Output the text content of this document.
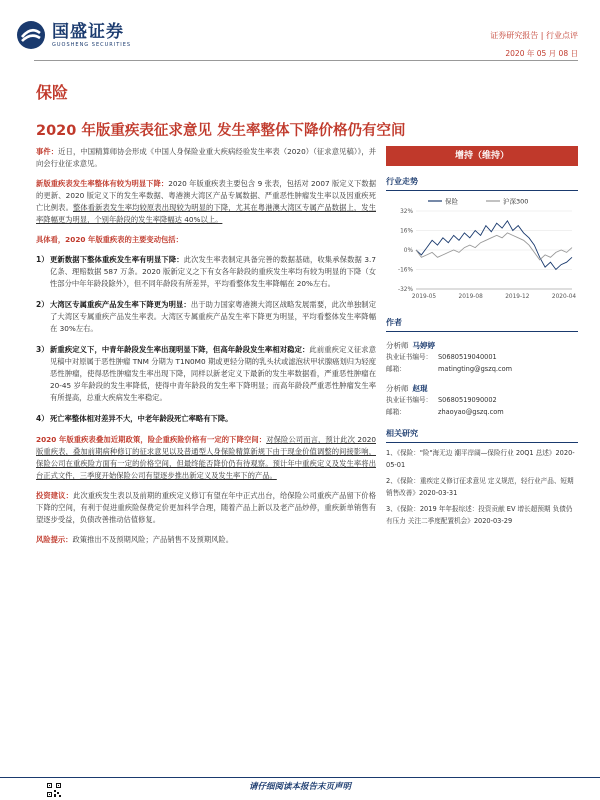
国盛证券
GUOSHENG SECURITIES
证券研究报告 | 行业点评
2020 年 05 月 08 日
保险
2020 年版重疾表征求意见 发生率整体下降价格仍有空间

事件：近日，中国精算师协会形成《中国人身保险业重大疾病经验发生率表（2020）（征求意见稿）》，并向会行业征求意见。

新版重疾表发生率整体有较为明显下降：2020 年版重疾表主要包含 9 张表，包括对 2007 版定义下数据的更新、2020 版定义下的发生率数据、粤港澳大湾区产品专属数据、严重恶性肿瘤发生率以及因重疾死亡比例表。整体看新表发生率均较原表出现较为明显的下降，尤其在粤港澳大湾区专属产品数据上，发生率降幅更为明显，个别年龄段的发生率降幅达 40%以上。

具体看，2020 年版重疾表的主要变动包括：

1） 更新数据下整体重疾发生率有明显下降：此次发生率表制定具备完善的数据基础，收集承保数据 3.7 亿条、理赔数据 587 万条。2020 版新定义之下有女各年龄段的重疾发生率均有较为明显的下降（女性部分中年年龄段除外），但不同年龄段有所差异，平均看整体发生率降幅在 20%左右。
2） 大湾区专属重疾产品发生率下降更为明显：出于助力国家粤港澳大湾区战略发展需要，此次单独制定了大湾区专属重疾产品发生率表。大湾区专属重疾产品发生率下降更为明显，平均看整体发生率降幅在 30%左右。
3） 新重疾定义下，中青年龄段发生率出现明显下降，但高年龄段发生率相对稳定：此前重疾定义征求意见稿中对原属于恶性肿瘤 TNM 分期为 T1N0M0 期或更轻分期的乳头状或滤泡状甲状腺癌划归为轻度恶性肿瘤，使得恶性肿瘤发生率出现下降，同样以新老定义下最新的发生率数据看，严重恶性肿瘤在 20-45 岁年龄段的发生率降低，使得中青年龄段的发生率下降明显；而高年龄段严重恶性肿瘤发生率有所提高，总重大疾病发生率稳定。
4） 死亡率整体相对差异不大，中老年龄段死亡率略有下降。

2020 年版重疾表叠加近期政策，险企重疾险价格有一定的下降空间：对保险公司而言，预计此次 2020 版重疾表，叠加前期病种修订的征求意见以及普通型人身保险精算新规下由于现金价值调整的间接影响，保险公司在重疾险方面有一定的价格空间，但最终能否降价仍有待观察。预计年中重疾定义及发生率将出台正式文件，三季度开始保险公司有望逐步推出新定义及发生率下的产品。

投资建议：此次重疾发生表以及前期的重疾定义修订有望在年中正式出台，给保险公司重疾产品留下价格下降的空间，有利于促进重疾险保费定价更加科学合理，随着产品上新以及老产品炒停，重疾新单销售有望逐步受益，负债改善推动估值修复。

风险提示：政策推出不及预期风险；产品销售不及预期风险。

增持（维持）
行业走势
保险	沪深300
32%
16%
0%
-16%
-32%
2019-05	2019-08	2019-12	2020-04
作者
分析师 马婷婷
执业证书编号： S0680519040001
邮箱：	matingting@gszq.com
分析师 赵琨
执业证书编号： S0680519090002
邮箱：	zhaoyao@gszq.com
相关研究
1、《保险："险"海无边 潮平岸阔—保险行业 20Q1 总述》2020-05-01
2、《保险：重疾定义修订征求意见 定义规范，轻行业产品、短期销售改善》2020-03-31
3、《保险：2019 年年报综述：投资贡献 EV 增长超预期 负债仍有压力 关注二季度配置机会》2020-03-29
请仔细阅读本报告末页声明
